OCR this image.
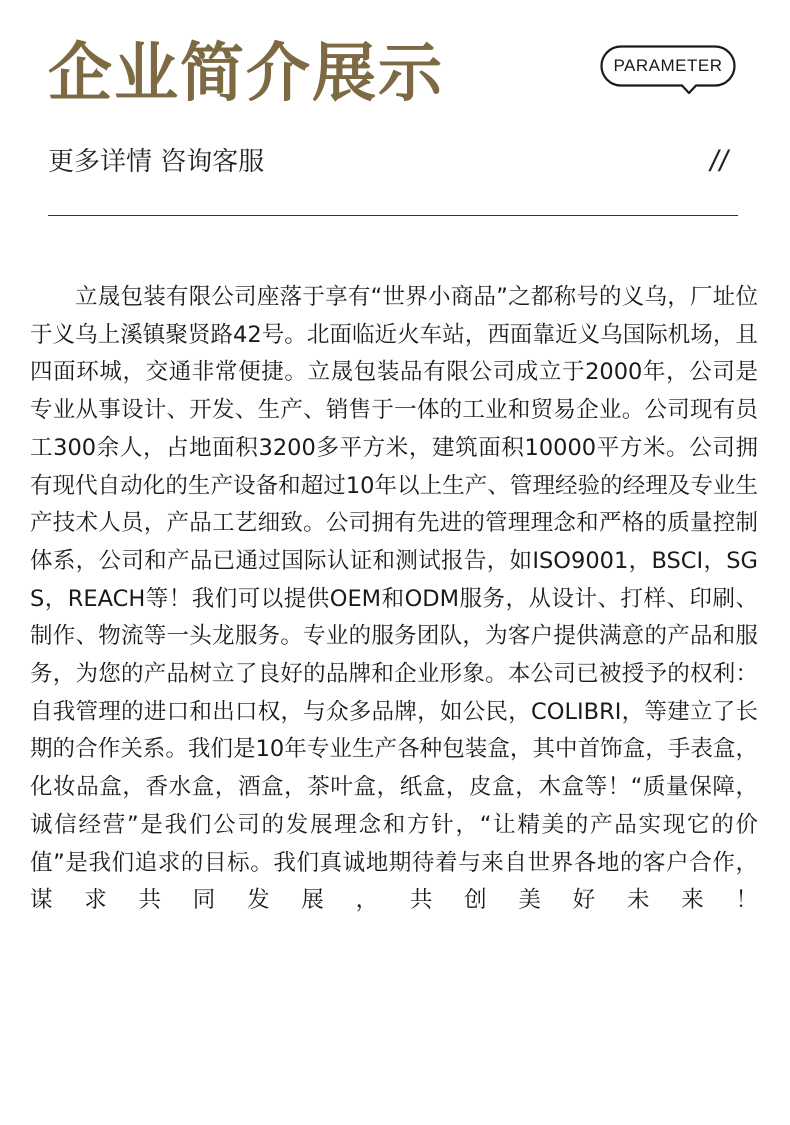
企业简介展示	PARAMETER
更多详情 咨询客服	//

立晟包装有限公司座落于享有“世界小商品”之都称号的义乌，厂址位于义乌上溪镇聚贤路42号。北面临近火车站，西面靠近义乌国际机场，且四面环城，交通非常便捷。立晟包装品有限公司成立于2000年，公司是专业从事设计、开发、生产、销售于一体的工业和贸易企业。公司现有员工300余人，占地面积3200多平方米，建筑面积10000平方米。公司拥有现代自动化的生产设备和超过10年以上生产、管理经验的经理及专业生产技术人员，产品工艺细致。公司拥有先进的管理理念和严格的质量控制体系，公司和产品已通过国际认证和测试报告，如ISO9001，BSCI，SGS，REACH等！我们可以提供OEM和ODM服务，从设计、打样、印刷、制作、物流等一头龙服务。专业的服务团队，为客户提供满意的产品和服务，为您的产品树立了良好的品牌和企业形象。本公司已被授予的权利：自我管理的进口和出口权，与众多品牌，如公民，COLIBRI，等建立了长期的合作关系。我们是10年专业生产各种包装盒，其中首饰盒，手表盒，化妆品盒，香水盒，酒盒，茶叶盒，纸盒，皮盒，木盒等！“质量保障，诚信经营”是我们公司的发展理念和方针，“让精美的产品实现它的价值”是我们追求的目标。我们真诚地期待着与来自世界各地的客户合作，谋求共同发展，共创美好未来！
